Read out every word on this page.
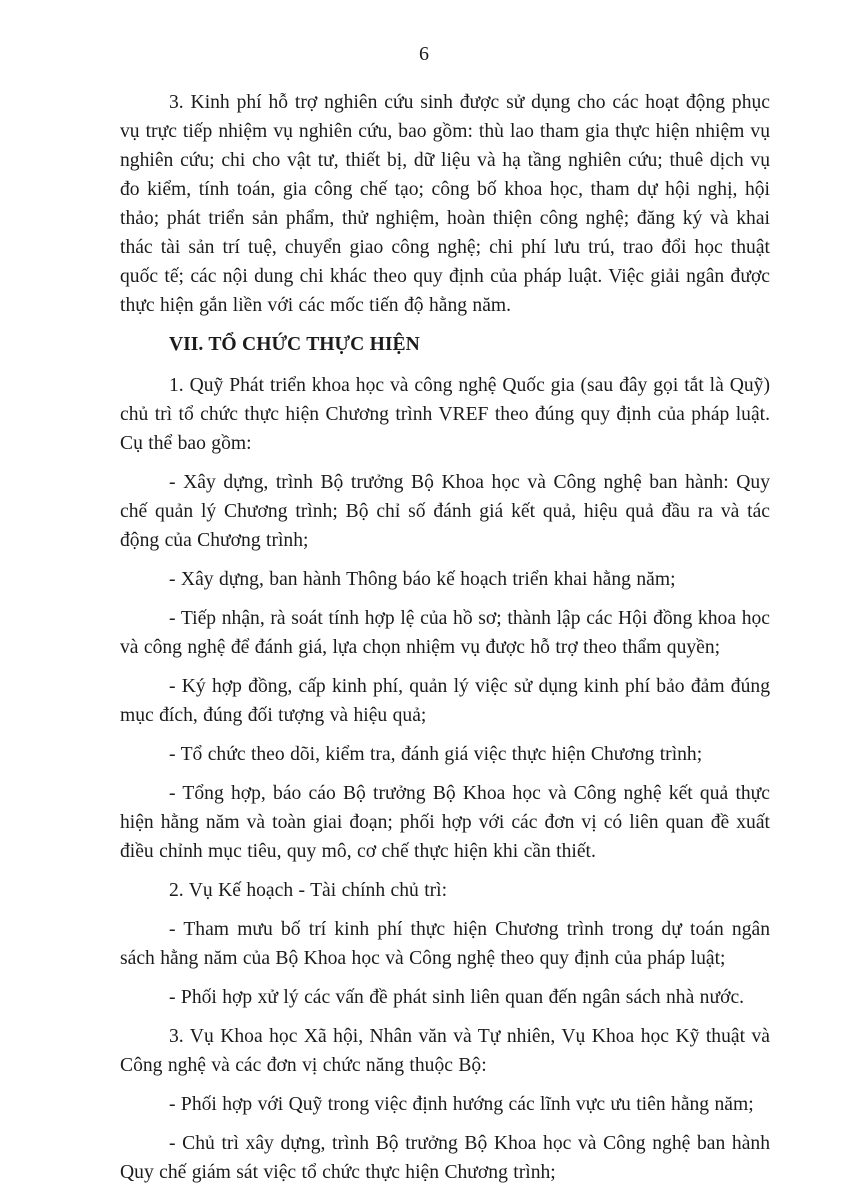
6

3. Kinh phí hỗ trợ nghiên cứu sinh được sử dụng cho các hoạt động phục vụ trực tiếp nhiệm vụ nghiên cứu, bao gồm: thù lao tham gia thực hiện nhiệm vụ nghiên cứu; chi cho vật tư, thiết bị, dữ liệu và hạ tầng nghiên cứu; thuê dịch vụ đo kiểm, tính toán, gia công chế tạo; công bố khoa học, tham dự hội nghị, hội thảo; phát triển sản phẩm, thử nghiệm, hoàn thiện công nghệ; đăng ký và khai thác tài sản trí tuệ, chuyển giao công nghệ; chi phí lưu trú, trao đổi học thuật quốc tế; các nội dung chi khác theo quy định của pháp luật. Việc giải ngân được thực hiện gắn liền với các mốc tiến độ hằng năm.

VII. TỔ CHỨC THỰC HIỆN

1. Quỹ Phát triển khoa học và công nghệ Quốc gia (sau đây gọi tắt là Quỹ) chủ trì tổ chức thực hiện Chương trình VREF theo đúng quy định của pháp luật. Cụ thể bao gồm:

- Xây dựng, trình Bộ trưởng Bộ Khoa học và Công nghệ ban hành: Quy chế quản lý Chương trình; Bộ chỉ số đánh giá kết quả, hiệu quả đầu ra và tác động của Chương trình;

- Xây dựng, ban hành Thông báo kế hoạch triển khai hằng năm;

- Tiếp nhận, rà soát tính hợp lệ của hồ sơ; thành lập các Hội đồng khoa học và công nghệ để đánh giá, lựa chọn nhiệm vụ được hỗ trợ theo thẩm quyền;

- Ký hợp đồng, cấp kinh phí, quản lý việc sử dụng kinh phí bảo đảm đúng mục đích, đúng đối tượng và hiệu quả;

- Tổ chức theo dõi, kiểm tra, đánh giá việc thực hiện Chương trình;

- Tổng hợp, báo cáo Bộ trưởng Bộ Khoa học và Công nghệ kết quả thực hiện hằng năm và toàn giai đoạn; phối hợp với các đơn vị có liên quan đề xuất điều chỉnh mục tiêu, quy mô, cơ chế thực hiện khi cần thiết.

2. Vụ Kế hoạch - Tài chính chủ trì:

- Tham mưu bố trí kinh phí thực hiện Chương trình trong dự toán ngân sách hằng năm của Bộ Khoa học và Công nghệ theo quy định của pháp luật;

- Phối hợp xử lý các vấn đề phát sinh liên quan đến ngân sách nhà nước.

3. Vụ Khoa học Xã hội, Nhân văn và Tự nhiên, Vụ Khoa học Kỹ thuật và Công nghệ và các đơn vị chức năng thuộc Bộ:

- Phối hợp với Quỹ trong việc định hướng các lĩnh vực ưu tiên hằng năm;

- Chủ trì xây dựng, trình Bộ trưởng Bộ Khoa học và Công nghệ ban hành Quy chế giám sát việc tổ chức thực hiện Chương trình;
